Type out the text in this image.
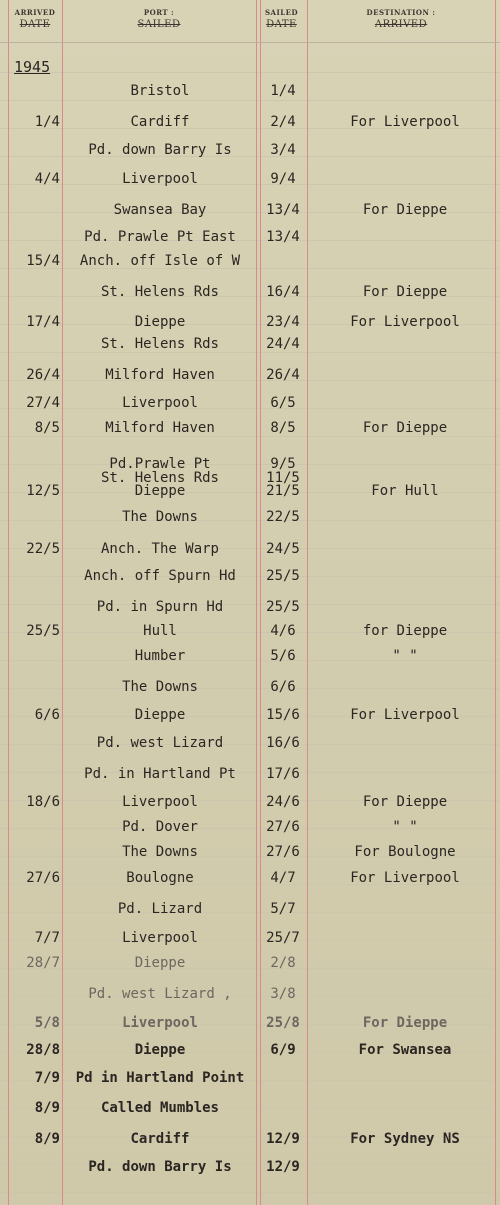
ARRIVED
DATE
PORT :
SAILED
SAILED
DATE
DESTINATION :
ARRIVED
1945
Bristol	1/4
1/4	Cardiff	2/4	For Liverpool
Pd. down Barry Is	3/4
4/4	Liverpool	9/4
Swansea Bay	13/4	For Dieppe
Pd. Prawle Pt East	13/4
15/4	Anch. off Isle of W
St. Helens Rds	16/4	For Dieppe
17/4	Dieppe	23/4	For Liverpool
St. Helens Rds	24/4
26/4	Milford Haven	26/4
27/4	Liverpool	6/5
8/5	Milford Haven	8/5	For Dieppe
Pd.Prawle Pt	9/5
St. Helens Rds	11/5
12/5	Dieppe	21/5	For Hull
The Downs	22/5
22/5	Anch. The Warp	24/5
Anch. off Spurn Hd	25/5
Pd. in Spurn Hd	25/5
25/5	Hull	4/6	for Dieppe
Humber	5/6	" "
The Downs	6/6
6/6	Dieppe	15/6	For Liverpool
Pd. west Lizard	16/6
Pd. in Hartland Pt	17/6
18/6	Liverpool	24/6	For Dieppe
Pd. Dover	27/6	" "
The Downs	27/6	For Boulogne
27/6	Boulogne	4/7	For Liverpool
Pd. Lizard	5/7
7/7	Liverpool	25/7
28/7	Dieppe	2/8
Pd. west Lizard ,	3/8
5/8	Liverpool	25/8	For Dieppe
28/8	Dieppe	6/9	For Swansea
7/9	Pd in Hartland Point
8/9	Called Mumbles
8/9	Cardiff	12/9	For Sydney NS
Pd. down Barry Is	12/9
